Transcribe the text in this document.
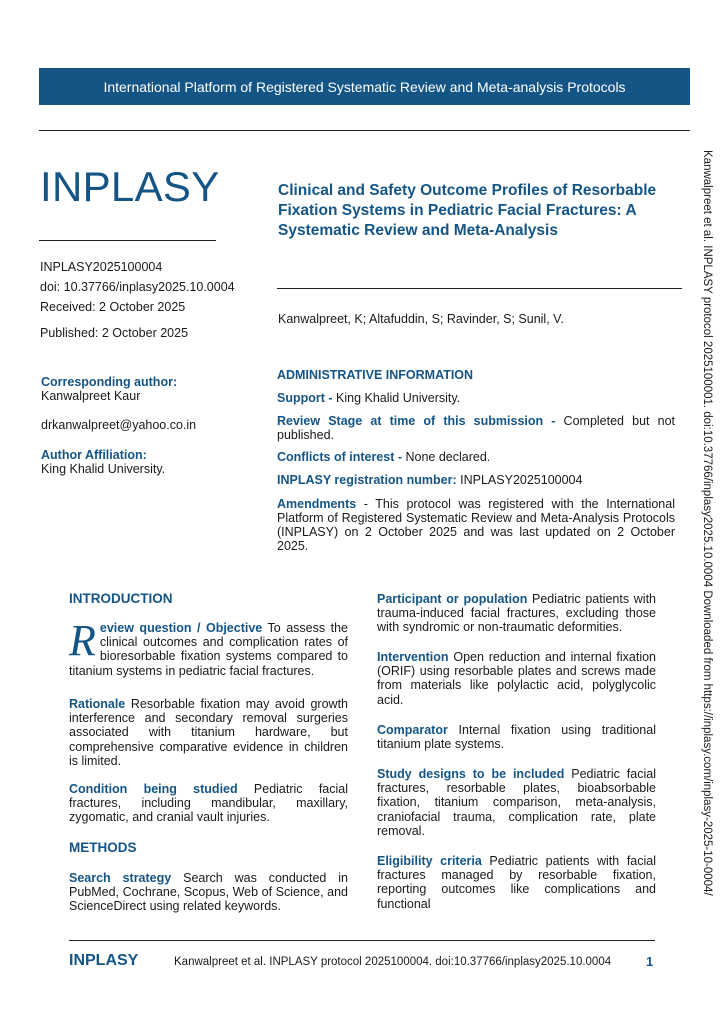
International Platform of Registered Systematic Review and Meta-analysis Protocols
INPLASY	Clinical and Safety Outcome Profiles of Resorbable Fixation Systems in Pediatric Facial Fractures: A Systematic Review and Meta-Analysis
INPLASY2025100004
doi: 10.37766/inplasy2025.10.0004
Received: 2 October 2025
Published: 2 October 2025
Corresponding author:
Kanwalpreet Kaur
drkanwalpreet@yahoo.co.in
Author Affiliation:
King Khalid University.
Kanwalpreet, K; Altafuddin, S; Ravinder, S; Sunil, V.
ADMINISTRATIVE INFORMATION
Support - King Khalid University.
Review Stage at time of this submission - Completed but not published.
Conflicts of interest - None declared.
INPLASY registration number: INPLASY2025100004
Amendments - This protocol was registered with the International Platform of Registered Systematic Review and Meta-Analysis Protocols (INPLASY) on 2 October 2025 and was last updated on 2 October 2025.
INTRODUCTION
Review question / Objective To assess the clinical outcomes and complication rates of bioresorbable fixation systems compared to titanium systems in pediatric facial fractures.
Rationale Resorbable fixation may avoid growth interference and secondary removal surgeries associated with titanium hardware, but comprehensive comparative evidence in children is limited.
Condition being studied Pediatric facial fractures, including mandibular, maxillary, zygomatic, and cranial vault injuries.
METHODS
Search strategy Search was conducted in PubMed, Cochrane, Scopus, Web of Science, and ScienceDirect using related keywords.
Participant or population Pediatric patients with trauma-induced facial fractures, excluding those with syndromic or non-traumatic deformities.
Intervention Open reduction and internal fixation (ORIF) using resorbable plates and screws made from materials like polylactic acid, polyglycolic acid.
Comparator Internal fixation using traditional titanium plate systems.
Study designs to be included Pediatric facial fractures, resorbable plates, bioabsorbable fixation, titanium comparison, meta-analysis, craniofacial trauma, complication rate, plate removal.
Eligibility criteria Pediatric patients with facial fractures managed by resorbable fixation, reporting outcomes like complications and functional
INPLASY	Kanwalpreet et al. INPLASY protocol 2025100004. doi:10.37766/inplasy2025.10.0004	1
Kanwalpreet et al. INPLASY protocol 2025100001. doi:10.37766/inplasy2025.10.0004 Downloaded from https://inplasy.com/inplasy-2025-10-0004/
